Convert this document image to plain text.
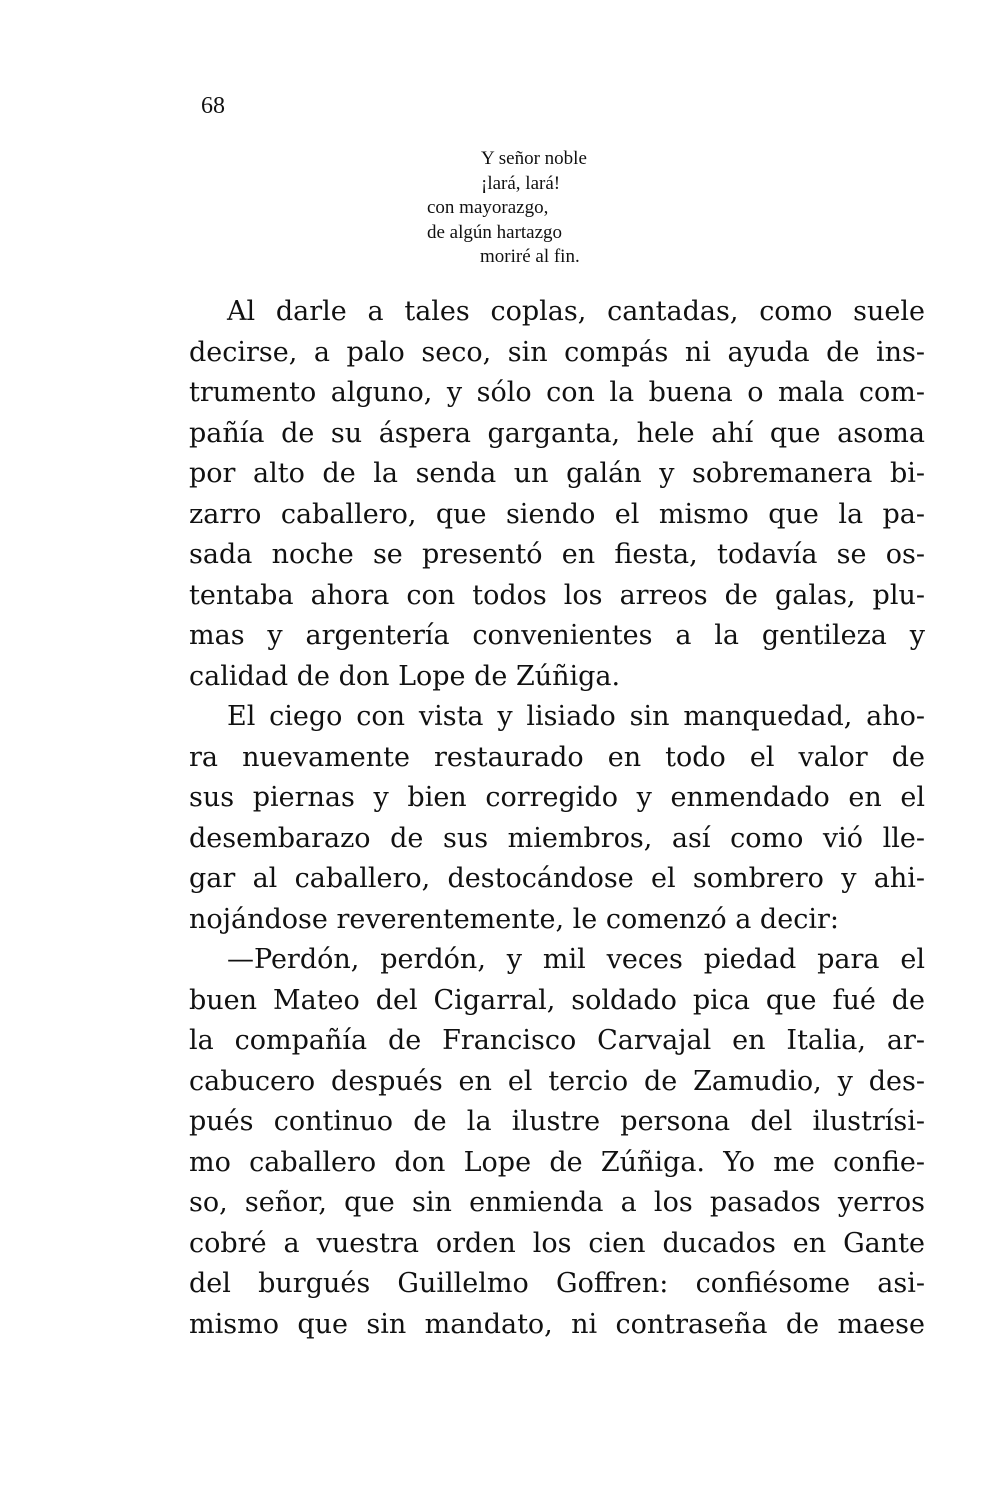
68
Y señor noble
¡lará, lará!
con mayorazgo,
de algún hartazgo
moriré al fin.
Al darle a tales coplas, cantadas, como suele
decirse, a palo seco, sin compás ni ayuda de ins-
trumento alguno, y sólo con la buena o mala com-
pañía de su áspera garganta, hele ahí que asoma
por alto de la senda un galán y sobremanera bi-
zarro caballero, que siendo el mismo que la pa-
sada noche se presentó en fiesta, todavía se os-
tentaba ahora con todos los arreos de galas, plu-
mas y argentería convenientes a la gentileza y
calidad de don Lope de Zúñiga.
El ciego con vista y lisiado sin manquedad, aho-
ra nuevamente restaurado en todo el valor de
sus piernas y bien corregido y enmendado en el
desembarazo de sus miembros, así como vió lle-
gar al caballero, destocándose el sombrero y ahi-
nojándose reverentemente, le comenzó a decir:
—Perdón, perdón, y mil veces piedad para el
buen Mateo del Cigarral, soldado pica que fué de
la compañía de Francisco Carvajal en Italia, ar-
cabucero después en el tercio de Zamudio, y des-
pués continuo de la ilustre persona del ilustrísi-
mo caballero don Lope de Zúñiga. Yo me confie-
so, señor, que sin enmienda a los pasados yerros
cobré a vuestra orden los cien ducados en Gante
del burgués Guillelmo Goffren: confiésome asi-
mismo que sin mandato, ni contraseña de maese
